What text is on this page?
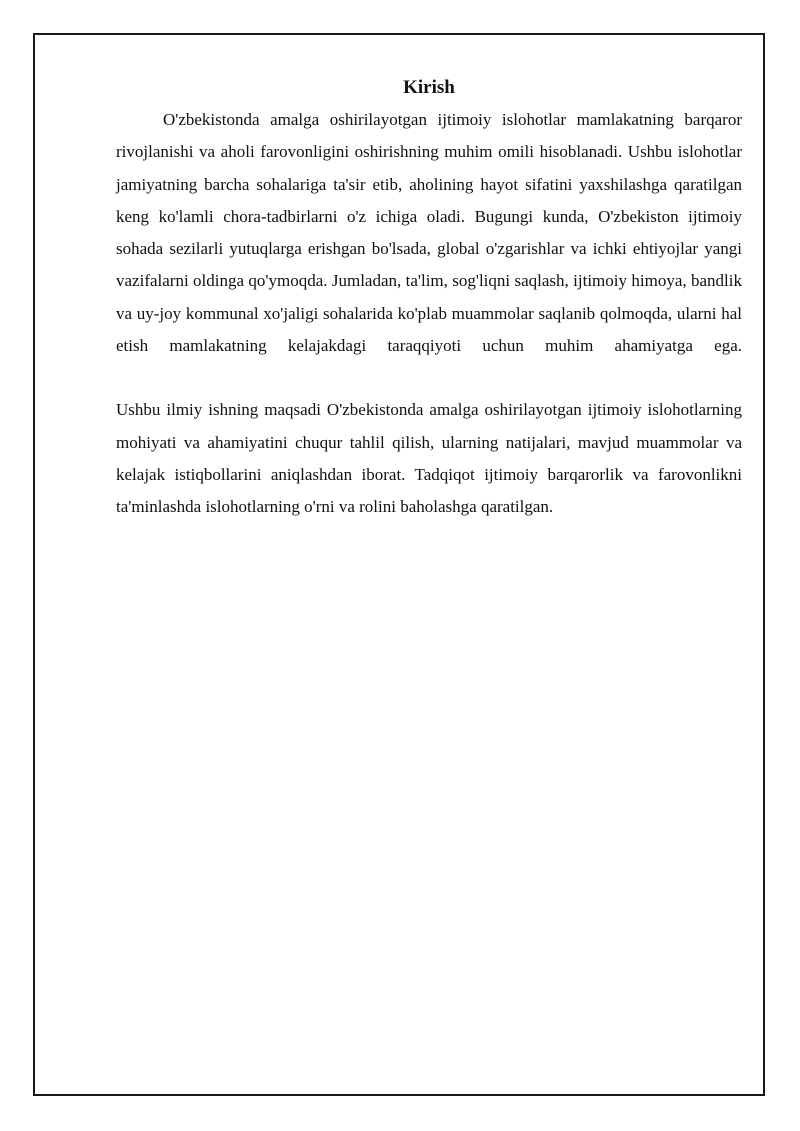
Kirish

O'zbekistonda amalga oshirilayotgan ijtimoiy islohotlar mamlakatning barqaror rivojlanishi va aholi farovonligini oshirishning muhim omili hisoblanadi. Ushbu islohotlar jamiyatning barcha sohalariga ta'sir etib, aholining hayot sifatini yaxshilashga qaratilgan keng ko'lamli chora-tadbirlarni o'z ichiga oladi. Bugungi kunda, O'zbekiston ijtimoiy sohada sezilarli yutuqlarga erishgan bo'lsada, global o'zgarishlar va ichki ehtiyojlar yangi vazifalarni oldinga qo'ymoqda. Jumladan, ta'lim, sog'liqni saqlash, ijtimoiy himoya, bandlik va uy-joy kommunal xo'jaligi sohalarida ko'plab muammolar saqlanib qolmoqda, ularni hal etish mamlakatning kelajakdagi taraqqiyoti uchun muhim ahamiyatga ega.

Ushbu ilmiy ishning maqsadi O'zbekistonda amalga oshirilayotgan ijtimoiy islohotlarning mohiyati va ahamiyatini chuqur tahlil qilish, ularning natijalari, mavjud muammolar va kelajak istiqbollarini aniqlashdan iborat. Tadqiqot ijtimoiy barqarorlik va farovonlikni ta'minlashda islohotlarning o'rni va rolini baholashga qaratilgan.
